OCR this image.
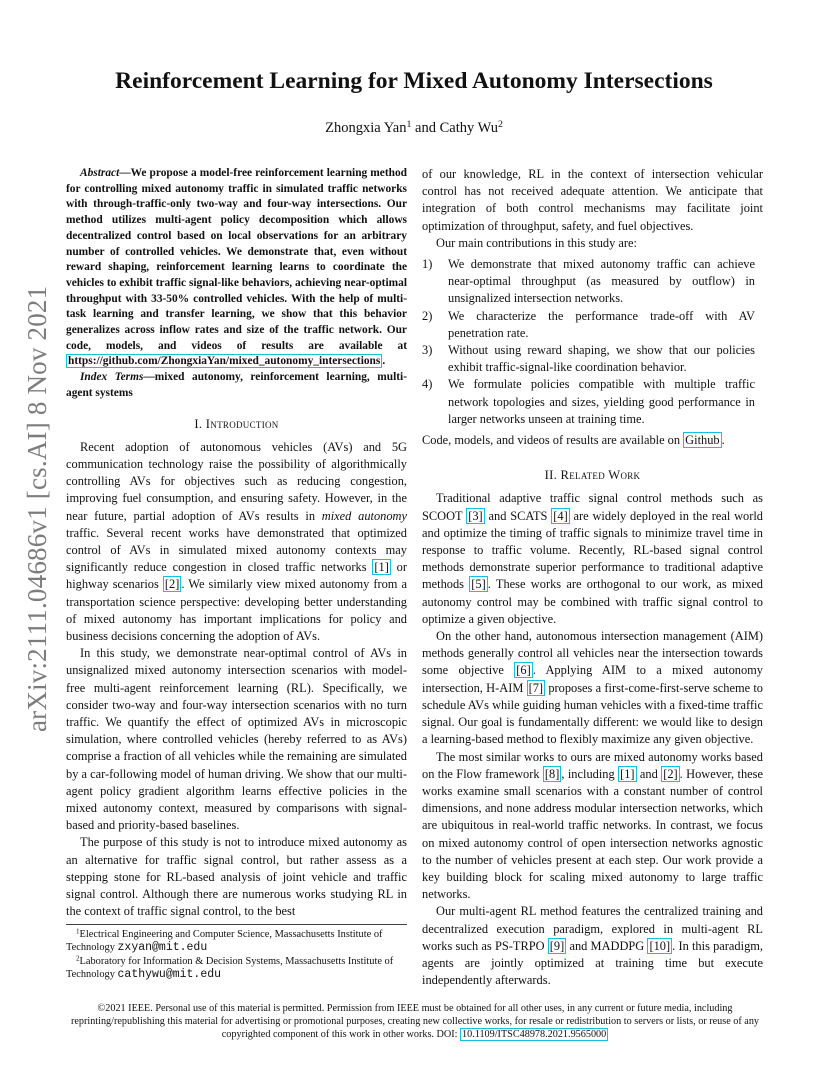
arXiv:2111.04686v1 [cs.AI] 8 Nov 2021
Reinforcement Learning for Mixed Autonomy Intersections
Zhongxia Yan$^1$ and Cathy Wu$^2$

Abstract—We propose a model-free reinforcement learning method for controlling mixed autonomy traffic in simulated traffic networks with through-traffic-only two-way and four-way intersections. Our method utilizes multi-agent policy decomposition which allows decentralized control based on local observations for an arbitrary number of controlled vehicles. We demonstrate that, even without reward shaping, reinforcement learning learns to coordinate the vehicles to exhibit traffic signal-like behaviors, achieving near-optimal throughput with 33-50% controlled vehicles. With the help of multi-task learning and transfer learning, we show that this behavior generalizes across inflow rates and size of the traffic network. Our code, models, and videos of results are available at https://github.com/ZhongxiaYan/mixed_autonomy_intersections .

Index Terms—mixed autonomy, reinforcement learning, multi-agent systems

I. Introduction

Recent adoption of autonomous vehicles (AVs) and 5G communication technology raise the possibility of algorithmically controlling AVs for objectives such as reducing congestion, improving fuel consumption, and ensuring safety. However, in the near future, partial adoption of AVs results in mixed autonomy traffic. Several recent works have demonstrated that optimized control of AVs in simulated mixed autonomy contexts may significantly reduce congestion in closed traffic networks [1] or highway scenarios [2] . We similarly view mixed autonomy from a transportation science perspective: developing better understanding of mixed autonomy has important implications for policy and business decisions concerning the adoption of AVs.

In this study, we demonstrate near-optimal control of AVs in unsignalized mixed autonomy intersection scenarios with model-free multi-agent reinforcement learning (RL). Specifically, we consider two-way and four-way intersection scenarios with no turn traffic. We quantify the effect of optimized AVs in microscopic simulation, where controlled vehicles (hereby referred to as AVs) comprise a fraction of all vehicles while the remaining are simulated by a car-following model of human driving. We show that our multi-agent policy gradient algorithm learns effective policies in the mixed autonomy context, measured by comparisons with signal-based and priority-based baselines.

The purpose of this study is not to introduce mixed autonomy as an alternative for traffic signal control, but rather assess as a stepping stone for RL-based analysis of joint vehicle and traffic signal control. Although there are numerous works studying RL in the context of traffic signal control, to the best

of our knowledge, RL in the context of intersection vehicular control has not received adequate attention. We anticipate that integration of both control mechanisms may facilitate joint optimization of throughput, safety, and fuel objectives.

Our main contributions in this study are:

1)	We demonstrate that mixed autonomy traffic can achieve near-optimal throughput (as measured by outflow) in unsignalized intersection networks.
2)	We characterize the performance trade-off with AV penetration rate.
3)	Without using reward shaping, we show that our policies exhibit traffic-signal-like coordination behavior.
4)	We formulate policies compatible with multiple traffic network topologies and sizes, yielding good performance in larger networks unseen at training time.

Code, models, and videos of results are available on Github .

II. Related Work

Traditional adaptive traffic signal control methods such as SCOOT [3] and SCATS [4] are widely deployed in the real world and optimize the timing of traffic signals to minimize travel time in response to traffic volume. Recently, RL-based signal control methods demonstrate superior performance to traditional adaptive methods [5] . These works are orthogonal to our work, as mixed autonomy control may be combined with traffic signal control to optimize a given objective.

On the other hand, autonomous intersection management (AIM) methods generally control all vehicles near the intersection towards some objective [6] . Applying AIM to a mixed autonomy intersection, H-AIM [7] proposes a first-come-first-serve scheme to schedule AVs while guiding human vehicles with a fixed-time traffic signal. Our goal is fundamentally different: we would like to design a learning-based method to flexibly maximize any given objective.

The most similar works to ours are mixed autonomy works based on the Flow framework [8] , including [1] and [2] . However, these works examine small scenarios with a constant number of control dimensions, and none address modular intersection networks, which are ubiquitous in real-world traffic networks. In contrast, we focus on mixed autonomy control of open intersection networks agnostic to the number of vehicles present at each step. Our work provide a key building block for scaling mixed autonomy to large traffic networks.

Our multi-agent RL method features the centralized training and decentralized execution paradigm, explored in multi-agent RL works such as PS-TRPO [9] and MADDPG [10] . In this paradigm, agents are jointly optimized at training time but execute independently afterwards.

$^1$Electrical Engineering and Computer Science, Massachusetts Institute of Technology zxyan@mit.edu

$^2$Laboratory for Information & Decision Systems, Massachusetts Institute of Technology cathywu@mit.edu

©2021 IEEE. Personal use of this material is permitted. Permission from IEEE must be obtained for all other uses, in any current or future media, including reprinting/republishing this material for advertising or promotional purposes, creating new collective works, for resale or redistribution to servers or lists, or reuse of any copyrighted component of this work in other works. DOI: 10.1109/ITSC48978.2021.9565000
